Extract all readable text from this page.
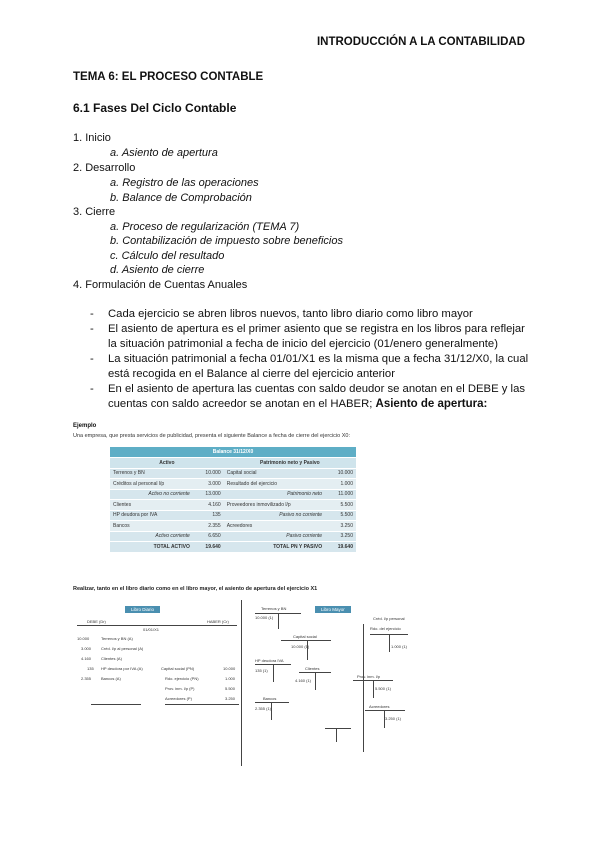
INTRODUCCIÓN A LA CONTABILIDAD
TEMA 6: EL PROCESO CONTABLE
6.1 Fases Del Ciclo Contable
1. Inicio
a. Asiento de apertura
2. Desarrollo
a. Registro de las operaciones
b. Balance de Comprobación
3. Cierre
a. Proceso de regularización (TEMA 7)
b. Contabilización de impuesto sobre beneficios
c. Cálculo del resultado
d. Asiento de cierre
4. Formulación de Cuentas Anuales
- Cada ejercicio se abren libros nuevos, tanto libro diario como libro mayor
- El asiento de apertura es el primer asiento que se registra en los libros para reflejar la situación patrimonial a fecha de inicio del ejercicio (01/enero generalmente)
- La situación patrimonial a fecha 01/01/X1 es la misma que a fecha 31/12/X0, la cual está recogida en el Balance al cierre del ejercicio anterior
- En el asiento de apertura las cuentas con saldo deudor se anotan en el DEBE y las cuentas con saldo acreedor se anotan en el HABER; Asiento de apertura:
Ejemplo
Una empresa, que presta servicios de publicidad, presenta el siguiente Balance a fecha de cierre del ejercicio X0:
Balance 31/12/X0			
Activo		Patrimonio neto y Pasivo	
Terrenos y BN	10.000	Capital social	10.000
Créditos al personal l/p	3.000	Resultado del ejercicio	1.000
Activo no corriente	13.000	Patrimonio neto	11.000
Clientes	4.160	Proveedores inmovilizado l/p	5.500
HP deudora por IVA	135	Pasivo no corriente	5.500
Bancos	2.355	Acreedores	3.250
Activo corriente	6.650	Pasivo corriente	3.250
TOTAL ACTIVO	19.640	TOTAL PN Y PASIVO	19.640
Realizar, tanto en el libro diario como en el libro mayor, el asiento de apertura del ejercicio X1
Libro Diario
DEBE (Dr)	HABER (Cr)
01/01/X1
10.000	Terrenos y BN (A)
3.000 Créd. l/p al personal (A)
4.160 Clientes (A)
135 HP deudora por IVA (A)
2.355 Bancos (A)
Capital social (PN)	10.000
Rdo. ejercicio (PN)	1.000
Prov. inm. l/p (P)	5.500
Acreedores (P)	3.250
Libro Mayor
Terrenos y BN
10.000 (1)	Créd. l/p personal
Capital social
10.000 (1)
Rdo. del ejercicio
1.000 (1)
HP deudora IVA
135 (1)	Clientes
4.160 (1)
Prov. inm. l/p
5.500 (1)
Bancos
2.355 (1)	Acreedores
3.250 (1)
